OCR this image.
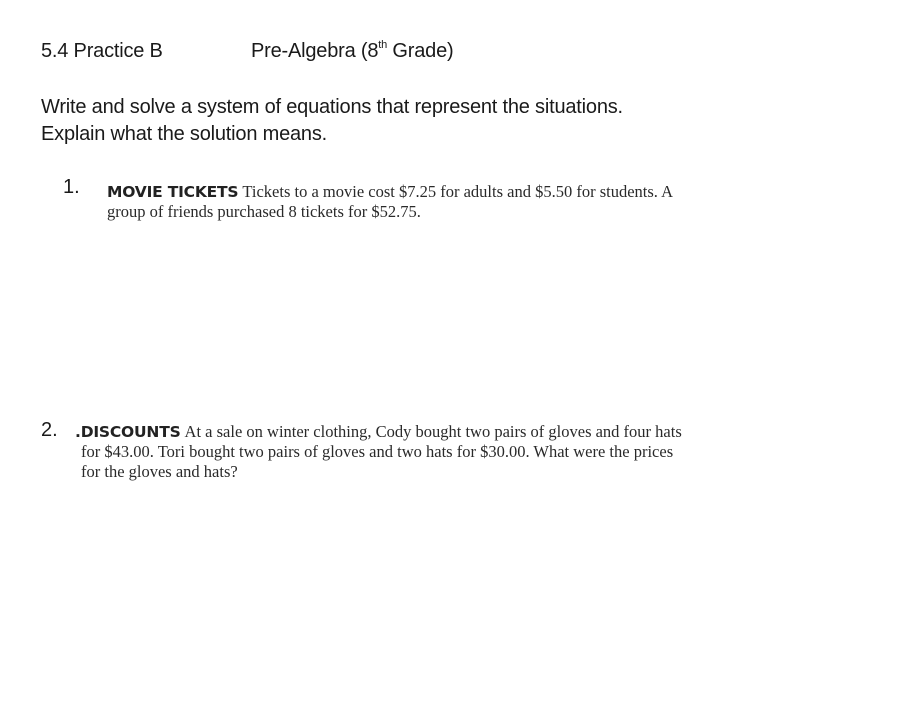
5.4 Practice B	Pre-Algebra (8th Grade)
Write and solve a system of equations that represent the situations.
Explain what the solution means.
1. MOVIE TICKETS Tickets to a movie cost $7.25 for adults and $5.50 for students. A
group of friends purchased 8 tickets for $52.75.
2. .DISCOUNTS At a sale on winter clothing, Cody bought two pairs of gloves and four hats
for $43.00. Tori bought two pairs of gloves and two hats for $30.00. What were the prices
for the gloves and hats?
